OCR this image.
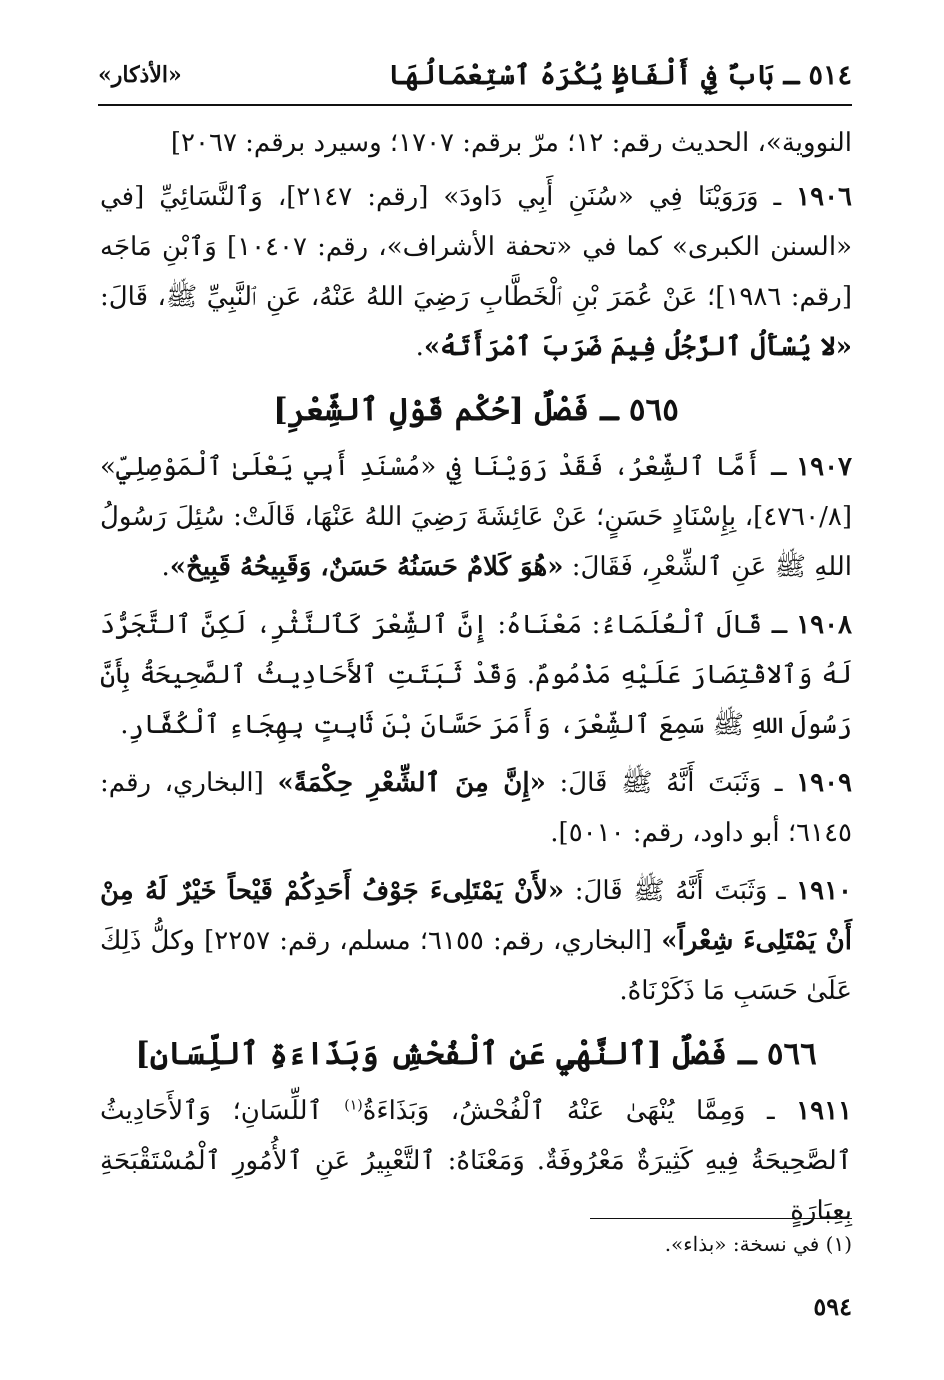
٥١٤ ـ بَابٌ فِي أَلْفَاظٍ يُكْرَهُ ٱسْتِعْمَالُهَا
«الأذكار»

النووية»، الحديث رقم: ١٢؛ مرّ برقم: ١٧٠٧؛ وسيرد برقم: ٢٠٦٧]

١٩٠٦ ـ وَرَوَيْنَا فِي «سُنَنِ أَبِي دَاودَ» [رقم: ٢١٤٧]، وَٱلنَّسَائِيِّ [في «السنن الكبرى» كما في «تحفة الأشراف»، رقم: ١٠٤٠٧] وَٱبْنِ مَاجَه [رقم: ١٩٨٦]؛ عَنْ عُمَرَ بْنِ ٱلْخَطَّابِ رَضِيَ اللهُ عَنْهُ، عَنِ ٱلنَّبِيِّ ﷺ، قَالَ: «لا يُسْأَلُ ٱلرَّجُلُ فِيمَ ضَرَبَ ٱمْرَأَتَهُ».

٥٦٥ ـ فَصْلٌ [حُكْم قَوْلِ ٱلشِّعْرِ]

١٩٠٧ ـ أَمَّا ٱلشِّعْرُ، فَقَدْ رَوَيْنَا فِي «مُسْنَدِ أَبِي يَعْلَىٰ ٱلْمَوْصِلِيِّ» [٤٧٦٠/٨]، بِإِسْنَادٍ حَسَنٍ؛ عَنْ عَائِشَةَ رَضِيَ اللهُ عَنْهَا، قَالَتْ: سُئِلَ رَسُولُ اللهِ ﷺ عَنِ ٱلشِّعْرِ، فَقَالَ: «هُوَ كَلامٌ حَسَنُهُ حَسَنٌ، وَقَبِيحُهُ قَبِيحٌ».

١٩٠٨ ـ قَالَ ٱلْعُلَمَاءُ: مَعْنَاهُ: إِنَّ ٱلشِّعْرَ كَٱلنَّثْرِ، لَكِنَّ ٱلتَّجَرُّدَ لَهُ وَٱلاقْتِصَارَ عَلَيْهِ مَذْمُومٌ. وَقَدْ ثَبَتَتِ ٱلأَحَادِيثُ ٱلصَّحِيحَةُ بِأَنَّ رَسُولَ اللهِ ﷺ سَمِعَ ٱلشِّعْرَ، وَأَمَرَ حَسَّانَ بْنَ ثَابِتٍ بِهِجَاءِ ٱلْكُفَّارِ.

١٩٠٩ ـ وَثَبَتَ أَنَّهُ ﷺ قَالَ: «إِنَّ مِنَ ٱلشِّعْرِ حِكْمَةً» [البخاري، رقم: ٦١٤٥؛ أبو داود، رقم: ٥٠١٠].

١٩١٠ ـ وَثَبَتَ أَنَّهُ ﷺ قَالَ: «لأَنْ يَمْتَلِىءَ جَوْفُ أَحَدِكُمْ قَيْحاً خَيْرٌ لَهُ مِنْ أَنْ يَمْتَلِىءَ شِعْراً» [البخاري، رقم: ٦١٥٥؛ مسلم، رقم: ٢٢٥٧] وكلُّ ذَلِكَ عَلَىٰ حَسَبِ مَا ذَكَرْنَاهُ.

٥٦٦ ـ فَصْلٌ [ٱلنَّهْيِ عَنِ ٱلْفُحْشِ وَبَذَاءَةِ ٱللِّسَانِ]

١٩١١ ـ وَمِمَّا يُنْهَىٰ عَنْهُ ٱلْفُحْشُ، وَبَذَاءَةُ$^{(١)}$ ٱللِّسَانِ؛ وَٱلأَحَادِيثُ ٱلصَّحِيحَةُ فِيهِ كَثِيرَةٌ مَعْرُوفَةٌ. وَمَعْنَاهُ: ٱلتَّعْبِيرُ عَنِ ٱلأُمُورِ ٱلْمُسْتَقْبَحَةِ بِعِبَارَةٍ

(١) في نسخة: «بذاء».
٥٩٤
